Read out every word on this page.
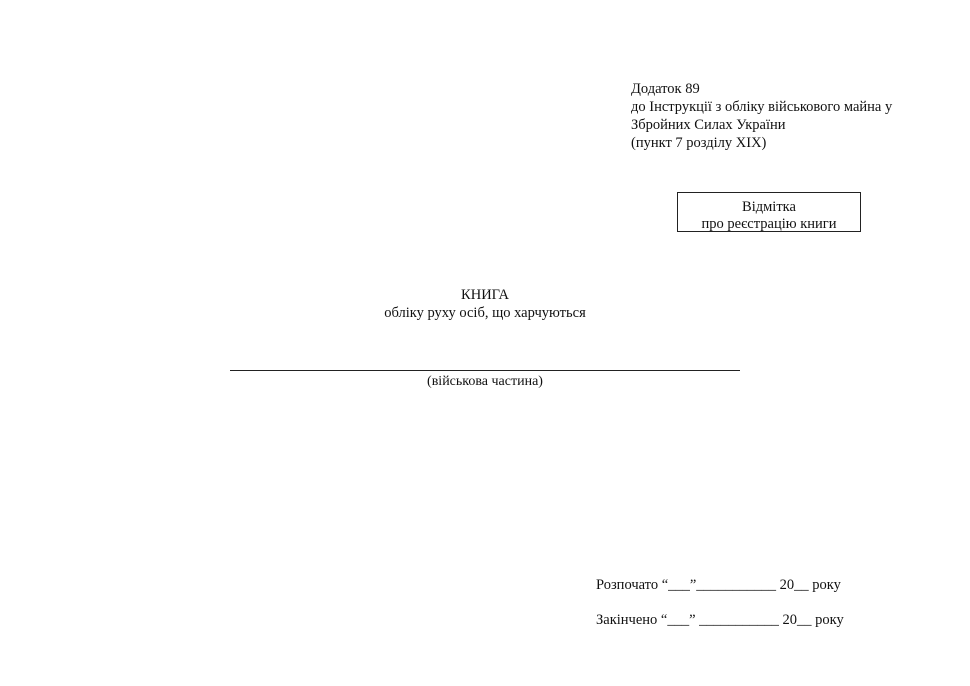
Додаток 89
до Інструкції з обліку військового майна у
Збройних Силах України
(пункт 7 розділу XIX)
Відмітка
про реєстрацію книги
КНИГА
обліку руху осіб, що харчуються
(військова частина)
Розпочато “___”___________ 20__ року
Закінчено “___” ___________ 20__ року
